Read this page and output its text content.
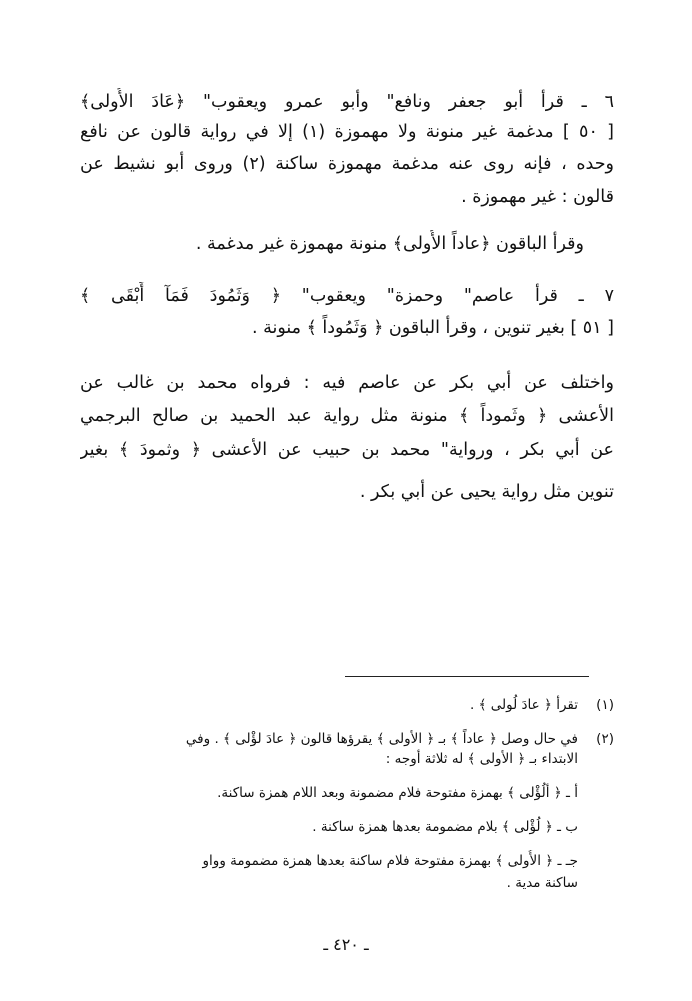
٦ ـ قرأ أبو جعفر ونافع" وأبو عمرو ويعقوب" ﴿عَادَ الأُولى﴾
[ ٥٠ ] مدغمة غير منونة ولا مهموزة (١) إلا في رواية قالون عن نافع
وحده ، فإنه روى عنه مدغمة مهموزة ساكنة (٢) وروى أبو نشيط عن
قالون : غير مهموزة .
وقرأ الباقون ﴿عاداً الأُولى﴾ منونة مهموزة غير مدغمة .
٧ ـ قرأ عاصم" وحمزة" ويعقوب" ﴿ وَثَمُودَ فَمَآ أَبْقَى ﴾
[ ٥١ ] بغير تنوين ، وقرأ الباقون ﴿ وَثَمُوداً ﴾ منونة .
واختلف عن أبي بكر عن عاصم فيه : فرواه محمد بن غالب عن
الأعشى ﴿ وثَموداً ﴾ منونة مثل رواية عبد الحميد بن صالح البرجمي
عن أبي بكر ، ورواية" محمد بن حبيب عن الأعشى ﴿ وثمودَ ﴾ بغير
تنوين مثل رواية يحيى عن أبي بكر .
(١)تقرأ ﴿ عادَ لُولى ﴾ .
(٢)في حال وصل ﴿ عاداً ﴾ بـ ﴿ الأولى ﴾ يقرؤها قالون ﴿ عادَ لؤْلى ﴾ . وفي
الابتداء بـ ﴿ الأولى ﴾ له ثلاثة أوجه :
أ ـ ﴿ ألُؤْلى ﴾ بهمزة مفتوحة فلام مضمونة وبعد اللام همزة ساكنة.
ب ـ ﴿ لُؤْلى ﴾ بلام مضمومة بعدها همزة ساكنة .
جـ ـ ﴿ الأُولى ﴾ بهمزة مفتوحة فلام ساكنة بعدها همزة مضمومة وواو
ساكنة مدية .
ـ ٤٢٠ ـ
